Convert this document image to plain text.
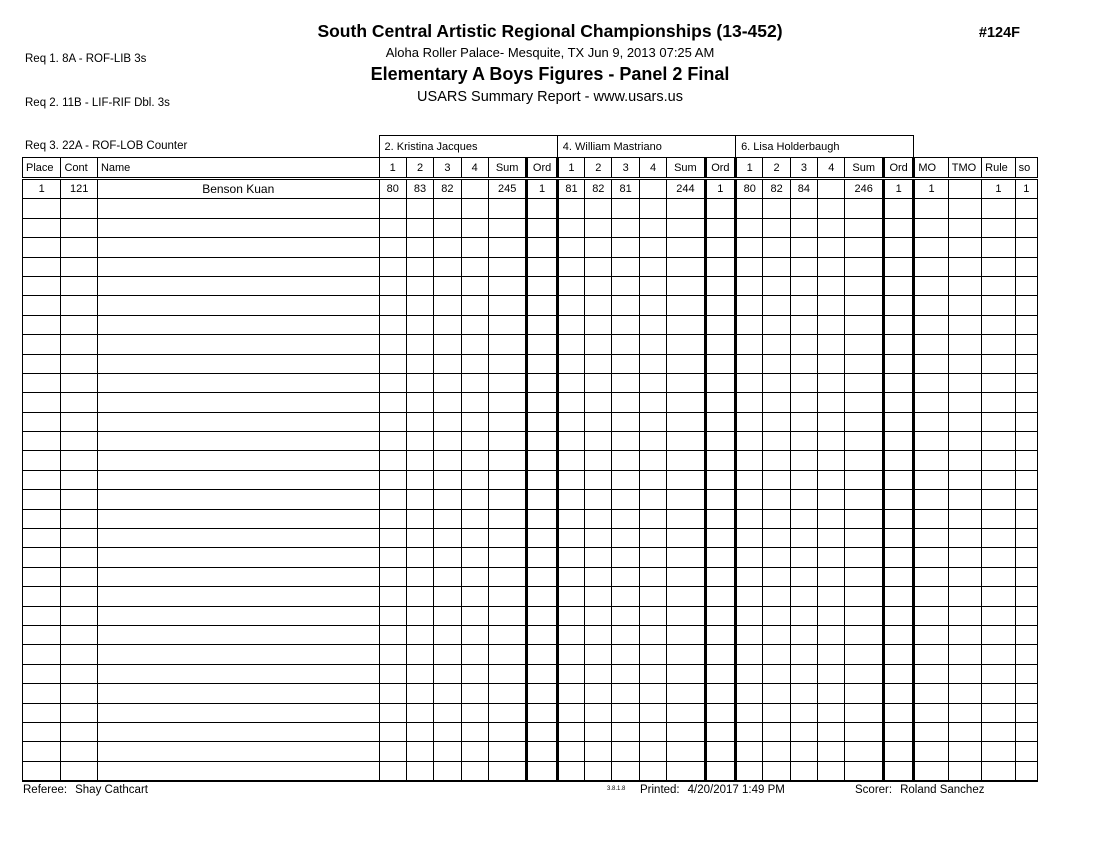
Req 1. 8A - ROF-LIB 3s

Req 2. 11B - LIF-RIF Dbl. 3s

Req 3. 22A - ROF-LOB Counter

South Central Artistic Regional Championships (13-452)
Aloha Roller Palace- Mesquite, TX Jun 9, 2013 07:25 AM
Elementary A Boys Figures - Panel 2 Final
USARS Summary Report - www.usars.us
#124F
			2. Kristina Jacques						4. William Mastriano						6. Lisa Holderbaugh									
Place	Cont	Name	1	2	3	4	Sum	Ord	1	2	3	4	Sum	Ord	1	2	3	4	Sum	Ord	MO	TMO	Rule	so
1	121	Benson Kuan	80	83	82		245	1	81	82	81		244	1	80	82	84		246	1	1		1	1

Referee: Shay Cathcart	3.8.1.8 Printed: 4/20/2017 1:49 PM	Scorer: Roland Sanchez
